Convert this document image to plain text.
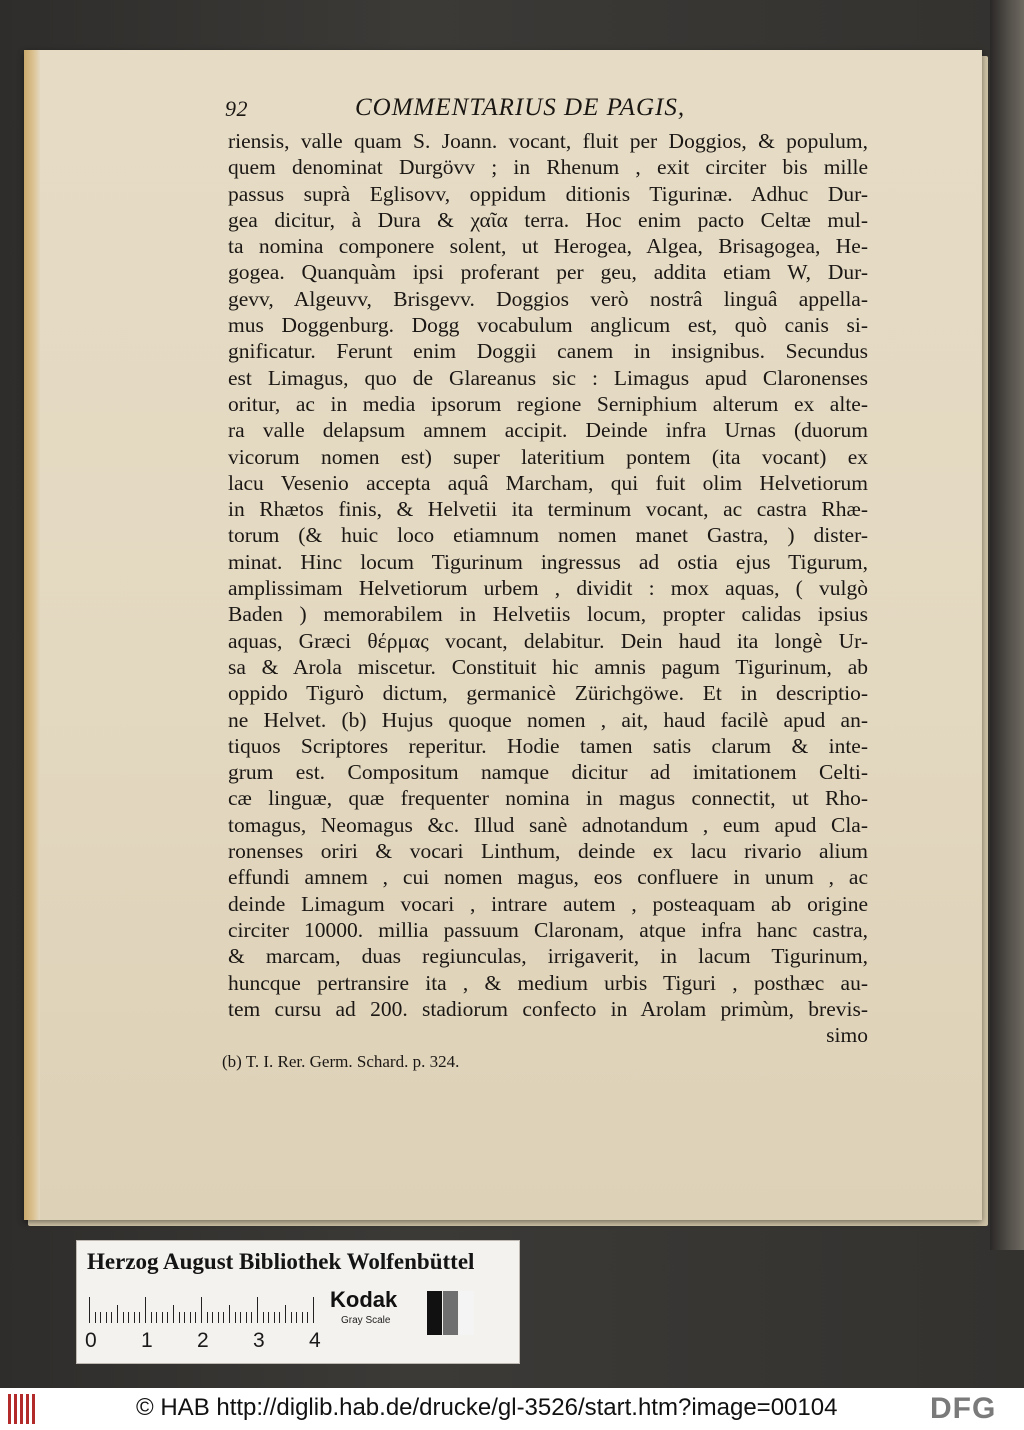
92	COMMENTARIUS DE PAGIS,
riensis, valle quam S. Joann. vocant, fluit per Doggios, & populum,
quem denominat Durgövv ; in Rhenum , exit circiter bis mille
passus suprà Eglisovv, oppidum ditionis Tigurinæ. Adhuc Dur-
gea dicitur, à Dura & χαῖα terra. Hoc enim pacto Celtæ mul-
ta nomina componere solent, ut Herogea, Algea, Brisagogea, He-
gogea. Quanquàm ipsi proferant per geu, addita etiam W, Dur-
gevv, Algeuvv, Brisgevv. Doggios verò nostrâ linguâ appella-
mus Doggenburg. Dogg vocabulum anglicum est, quò canis si-
gnificatur. Ferunt enim Doggii canem in insignibus. Secundus
est Limagus, quo de Glareanus sic : Limagus apud Claronenses
oritur, ac in media ipsorum regione Serniphium alterum ex alte-
ra valle delapsum amnem accipit. Deinde infra Urnas (duorum
vicorum nomen est) super lateritium pontem (ita vocant) ex
lacu Vesenio accepta aquâ Marcham, qui fuit olim Helvetiorum
in Rhætos finis, & Helvetii ita terminum vocant, ac castra Rhæ-
torum (& huic loco etiamnum nomen manet Gastra, ) dister-
minat. Hinc locum Tigurinum ingressus ad ostia ejus Tigurum,
amplissimam Helvetiorum urbem , dividit : mox aquas, ( vulgò
Baden ) memorabilem in Helvetiis locum, propter calidas ipsius
aquas, Græci θέρμας vocant, delabitur. Dein haud ita longè Ur-
sa & Arola miscetur. Constituit hic amnis pagum Tigurinum, ab
oppido Tigurò dictum, germanicè Zürichgöwe. Et in descriptio-
ne Helvet. (b) Hujus quoque nomen , ait, haud facilè apud an-
tiquos Scriptores reperitur. Hodie tamen satis clarum & inte-
grum est. Compositum namque dicitur ad imitationem Celti-
cæ linguæ, quæ frequenter nomina in magus connectit, ut Rho-
tomagus, Neomagus &c. Illud sanè adnotandum , eum apud Cla-
ronenses oriri & vocari Linthum, deinde ex lacu rivario alium
effundi amnem , cui nomen magus, eos confluere in unum , ac
deinde Limagum vocari , intrare autem , posteaquam ab origine
circiter 10000. millia passuum Claronam, atque infra hanc castra,
& marcam, duas regiunculas, irrigaverit, in lacum Tigurinum,
huncque pertransire ita , & medium urbis Tiguri , posthæc au-
tem cursu ad 200. stadiorum confecto in Arolam primùm, brevis-
simo
(b) T. I. Rer. Germ. Schard. p. 324.
Herzog August Bibliothek Wolfenbüttel
0 1 2 3 4
Kodak
Gray Scale
© HAB http://diglib.hab.de/drucke/gl-3526/start.htm?image=00104	DFG
